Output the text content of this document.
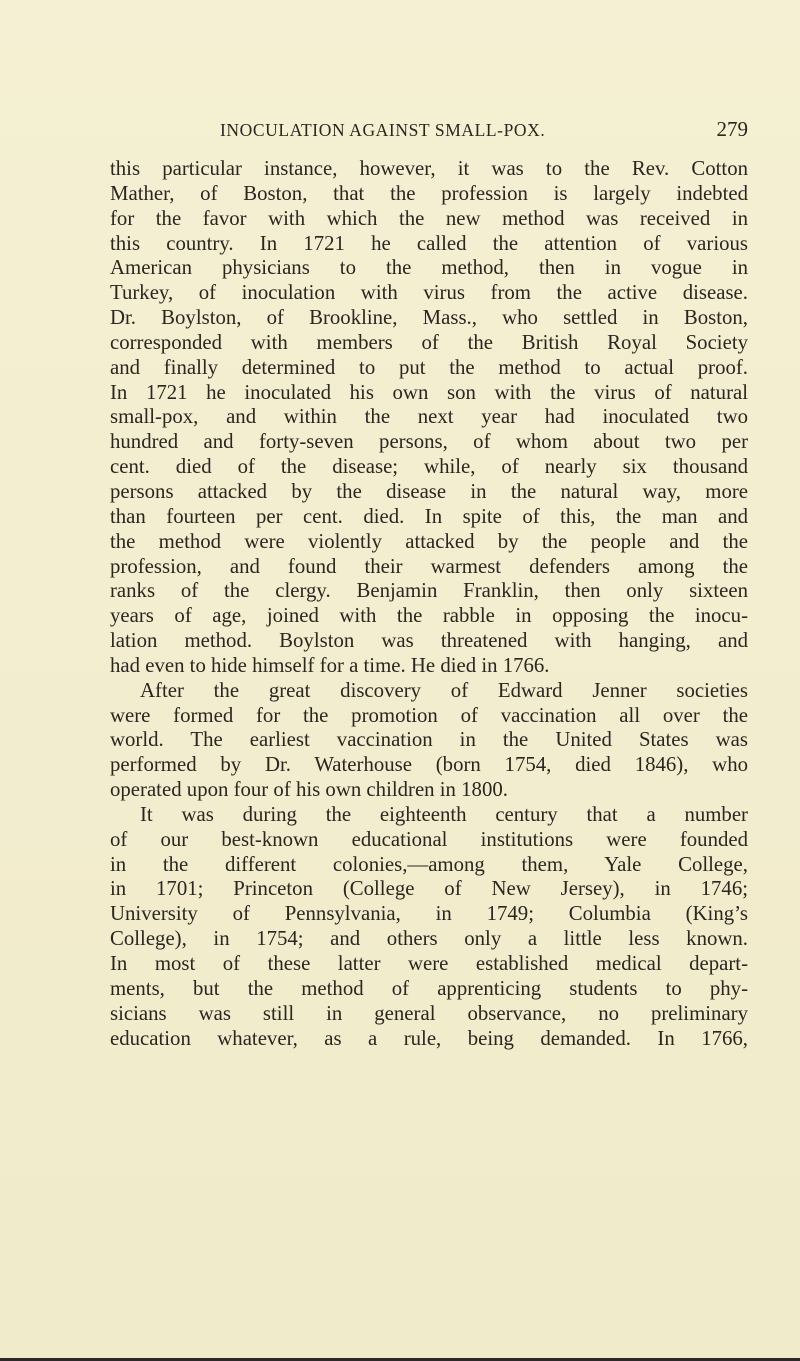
INOCULATION AGAINST SMALL-POX.	279
this particular instance, however, it was to the Rev. Cotton
Mather, of Boston, that the profession is largely indebted
for the favor with which the new method was received in
this country. In 1721 he called the attention of various
American physicians to the method, then in vogue in
Turkey, of inoculation with virus from the active disease.
Dr. Boylston, of Brookline, Mass., who settled in Boston,
corresponded with members of the British Royal Society
and finally determined to put the method to actual proof.
In 1721 he inoculated his own son with the virus of natural
small-pox, and within the next year had inoculated two
hundred and forty-seven persons, of whom about two per
cent. died of the disease; while, of nearly six thousand
persons attacked by the disease in the natural way, more
than fourteen per cent. died. In spite of this, the man and
the method were violently attacked by the people and the
profession, and found their warmest defenders among the
ranks of the clergy. Benjamin Franklin, then only sixteen
years of age, joined with the rabble in opposing the inocu-
lation method. Boylston was threatened with hanging, and
had even to hide himself for a time. He died in 1766.
After the great discovery of Edward Jenner societies
were formed for the promotion of vaccination all over the
world. The earliest vaccination in the United States was
performed by Dr. Waterhouse (born 1754, died 1846), who
operated upon four of his own children in 1800.
It was during the eighteenth century that a number
of our best-known educational institutions were founded
in the different colonies,—among them, Yale College,
in 1701; Princeton (College of New Jersey), in 1746;
University of Pennsylvania, in 1749; Columbia (King’s
College), in 1754; and others only a little less known.
In most of these latter were established medical depart-
ments, but the method of apprenticing students to phy-
sicians was still in general observance, no preliminary
education whatever, as a rule, being demanded. In 1766,
